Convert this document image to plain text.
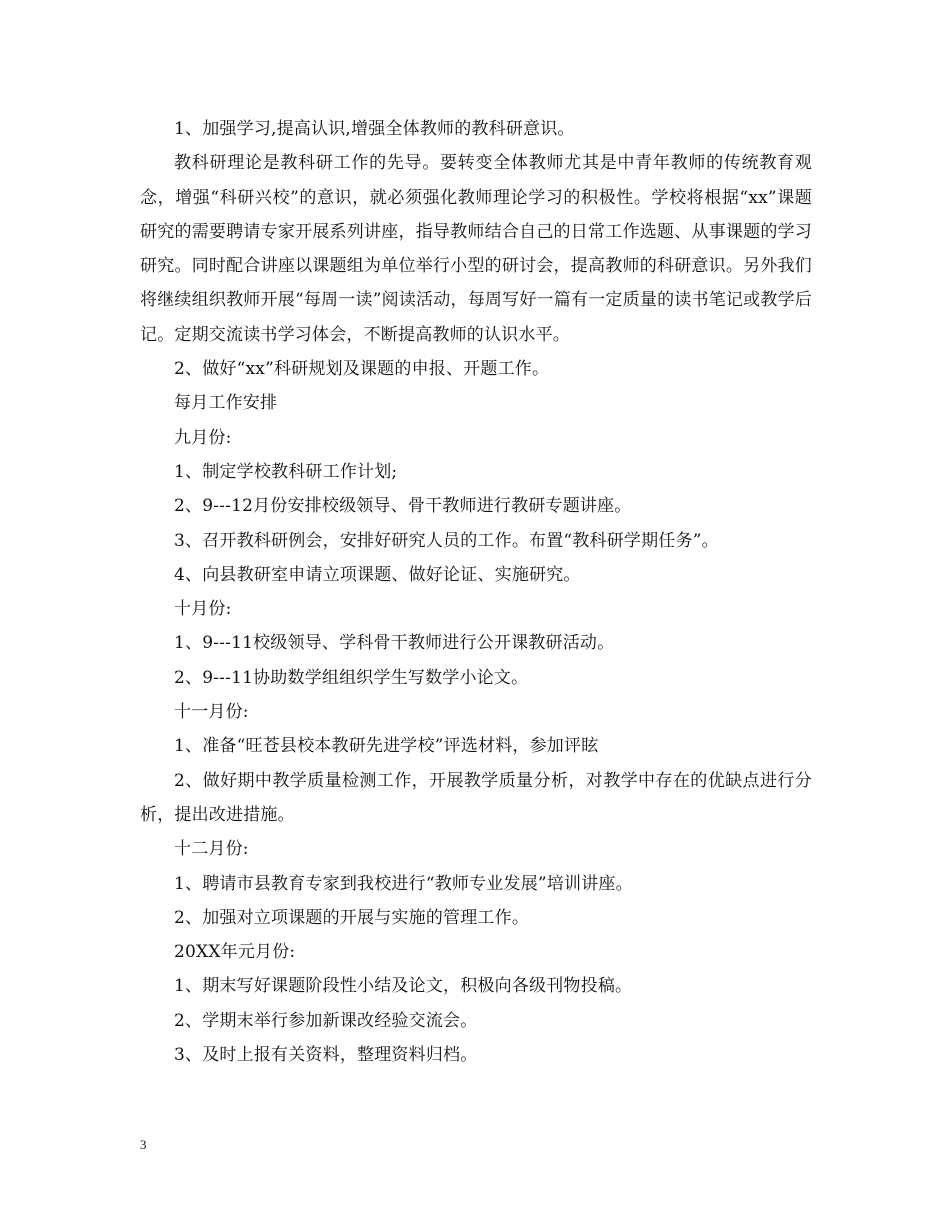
1、加强学习,提高认识,增强全体教师的教科研意识。

教科研理论是教科研工作的先导。要转变全体教师尤其是中青年教师的传统教育观念，增强“科研兴校”的意识，就必须强化教师理论学习的积极性。学校将根据“xx”课题研究的需要聘请专家开展系列讲座，指导教师结合自己的日常工作选题、从事课题的学习研究。同时配合讲座以课题组为单位举行小型的研讨会，提高教师的科研意识。另外我们将继续组织教师开展“每周一读”阅读活动，每周写好一篇有一定质量的读书笔记或教学后记。定期交流读书学习体会，不断提高教师的认识水平。

2、做好“xx”科研规划及课题的申报、开题工作。

每月工作安排

九月份:

1、制定学校教科研工作计划;

2、9---12月份安排校级领导、骨干教师进行教研专题讲座。

3、召开教科研例会，安排好研究人员的工作。布置“教科研学期任务”。

4、向县教研室申请立项课题、做好论证、实施研究。

十月份:

1、9---11校级领导、学科骨干教师进行公开课教研活动。

2、9---11协助数学组组织学生写数学小论文。

十一月份:

1、准备“旺苍县校本教研先进学校”评选材料，参加评眩

2、做好期中教学质量检测工作，开展教学质量分析，对教学中存在的优缺点进行分析，提出改进措施。

十二月份:

1、聘请市县教育专家到我校进行“教师专业发展”培训讲座。

2、加强对立项课题的开展与实施的管理工作。

20XX年元月份:

1、期末写好课题阶段性小结及论文，积极向各级刊物投稿。

2、学期末举行参加新课改经验交流会。

3、及时上报有关资料，整理资料归档。

3
